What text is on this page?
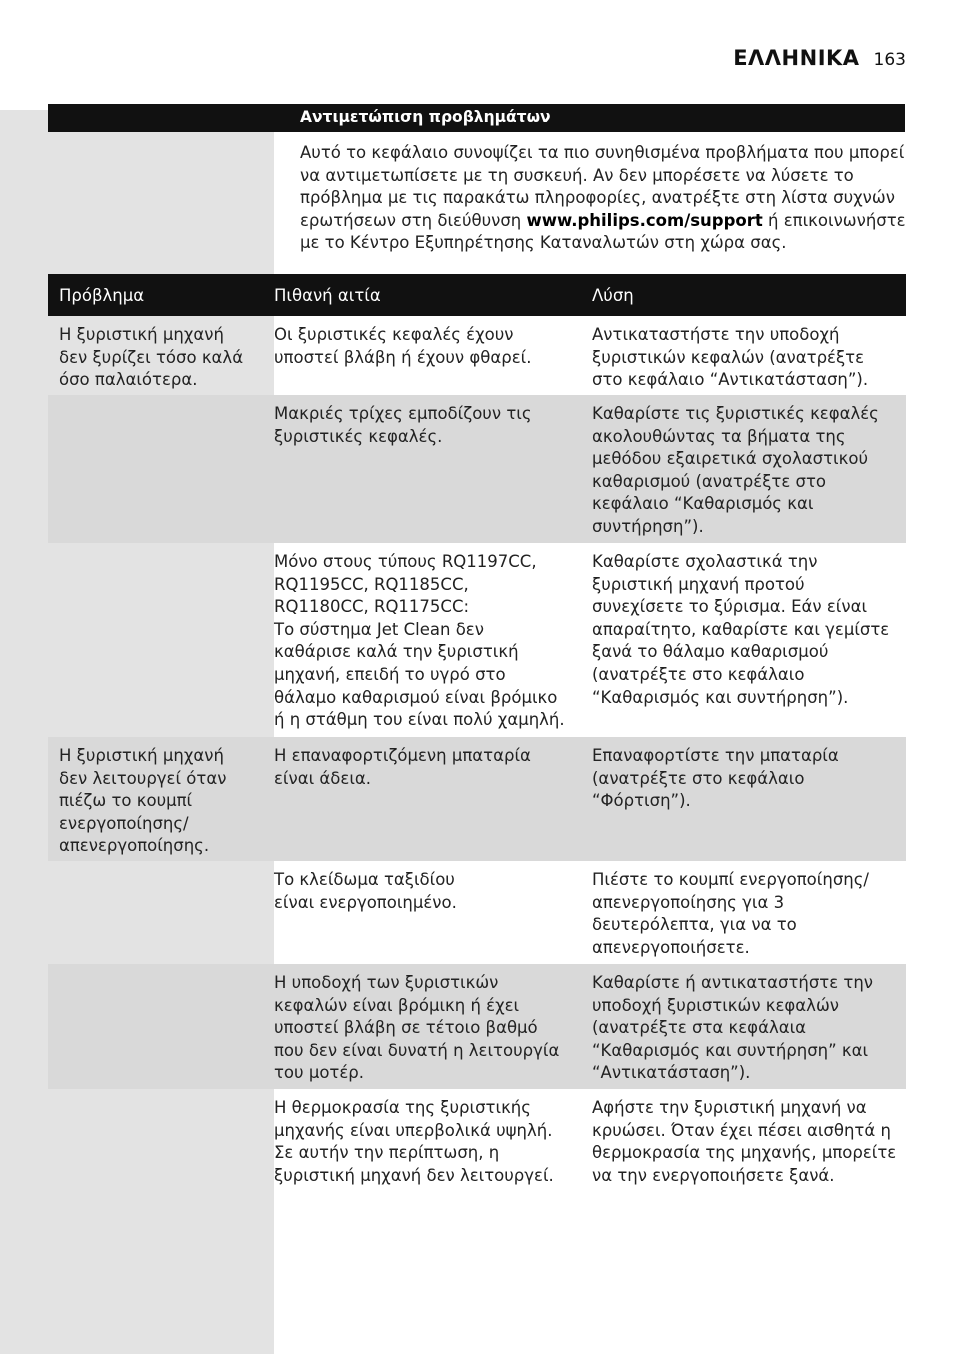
ΕΛΛΗΝΙΚΑ 163
Αντιμετώπιση προβλημάτων
Αυτό το κεφάλαιο συνοψίζει τα πιο συνηθισμένα προβλήματα που μπορεί να αντιμετωπίσετε με τη συσκευή. Αν δεν μπορέσετε να λύσετε το πρόβλημα με τις παρακάτω πληροφορίες, ανατρέξτε στη λίστα συχνών ερωτήσεων στη διεύθυνση www.philips.com/support ή επικοινωνήστε με το Κέντρο Εξυπηρέτησης Καταναλωτών στη χώρα σας.
Πρόβλημα	Πιθανή αιτία	Λύση
Η ξυριστική μηχανή
δεν ξυρίζει τόσο καλά
όσο παλαιότερα.
Οι ξυριστικές κεφαλές έχουν
υποστεί βλάβη ή έχουν φθαρεί.
Αντικαταστήστε την υποδοχή
ξυριστικών κεφαλών (ανατρέξτε
στο κεφάλαιο “Αντικατάσταση”).
Μακριές τρίχες εμποδίζουν τις
ξυριστικές κεφαλές.
Καθαρίστε τις ξυριστικές κεφαλές
ακολουθώντας τα βήματα της
μεθόδου εξαιρετικά σχολαστικού
καθαρισμού (ανατρέξτε στο
κεφάλαιο “Καθαρισμός και
συντήρηση”).
Μόνο στους τύπους RQ1197CC,
RQ1195CC, RQ1185CC,
RQ1180CC, RQ1175CC:
Το σύστημα Jet Clean δεν
καθάρισε καλά την ξυριστική
μηχανή, επειδή το υγρό στο
θάλαμο καθαρισμού είναι βρόμικο
ή η στάθμη του είναι πολύ χαμηλή.
Καθαρίστε σχολαστικά την
ξυριστική μηχανή προτού
συνεχίσετε το ξύρισμα. Εάν είναι
απαραίτητο, καθαρίστε και γεμίστε
ξανά το θάλαμο καθαρισμού
(ανατρέξτε στο κεφάλαιο
“Καθαρισμός και συντήρηση”).
Η ξυριστική μηχανή
δεν λειτουργεί όταν
πιέζω το κουμπί
ενεργοποίησης/
απενεργοποίησης.
Η επαναφορτιζόμενη μπαταρία
είναι άδεια.
Επαναφορτίστε την μπαταρία
(ανατρέξτε στο κεφάλαιο
“Φόρτιση”).
Το κλείδωμα ταξιδίου
είναι ενεργοποιημένο.
Πιέστε το κουμπί ενεργοποίησης/
απενεργοποίησης για 3
δευτερόλεπτα, για να το
απενεργοποιήσετε.
Η υποδοχή των ξυριστικών
κεφαλών είναι βρόμικη ή έχει
υποστεί βλάβη σε τέτοιο βαθμό
που δεν είναι δυνατή η λειτουργία
του μοτέρ.
Καθαρίστε ή αντικαταστήστε την
υποδοχή ξυριστικών κεφαλών
(ανατρέξτε στα κεφάλαια
“Καθαρισμός και συντήρηση” και
“Αντικατάσταση”).
Η θερμοκρασία της ξυριστικής
μηχανής είναι υπερβολικά υψηλή.
Σε αυτήν την περίπτωση, η
ξυριστική μηχανή δεν λειτουργεί.
Αφήστε την ξυριστική μηχανή να
κρυώσει. Όταν έχει πέσει αισθητά η
θερμοκρασία της μηχανής, μπορείτε
να την ενεργοποιήσετε ξανά.
